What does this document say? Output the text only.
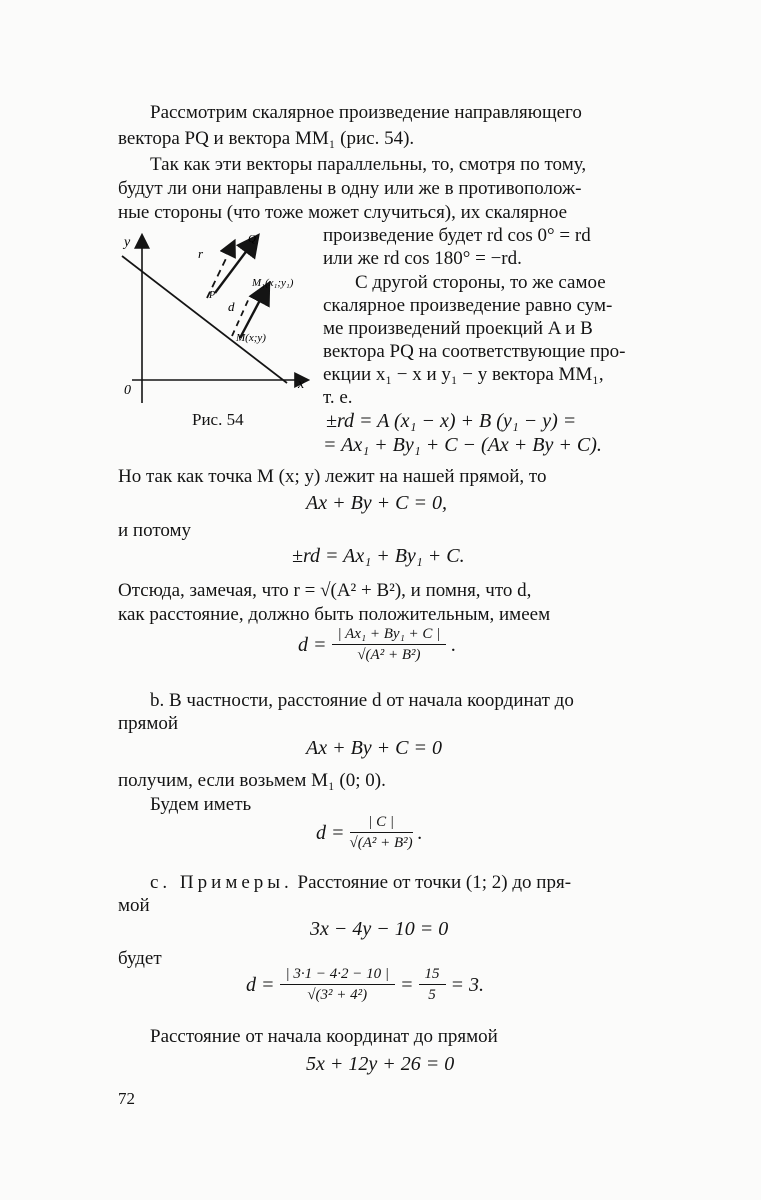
Рассмотрим скалярное произведение направляющего
вектора PQ и вектора MM₁ (рис. 54).
Так как эти векторы параллельны, то, смотря по тому,
будут ли они направлены в одну или же в противополож-
ные стороны (что тоже может случиться), их скалярное
произведение будет rd cos 0° = rd
или же rd cos 180° = −rd.
С другой стороны, то же самое
скалярное произведение равно сум-
ме произведений проекций A и B
вектора PQ на соответствующие про-
екции x₁ − x и y₁ − y вектора MM₁,
т. е.
±rd = A (x₁ − x) + B (y₁ − y) =
= Ax₁ + By₁ + C − (Ax + By + C).
Но так как точка M (x; y) лежит на нашей прямой, то
Ax + By + C = 0,
и потому
±rd = Ax₁ + By₁ + C.
Отсюда, замечая, что r = √(A² + B²), и помня, что d,
как расстояние, должно быть положительным, имеем
$d = \frac{\text{| Ax₁ + By₁ + C |}}{\text{√(A² + B²)}}$ .
b. В частности, расстояние d от начала координат до
прямой
Ax + By + C = 0
получим, если возьмем M₁ (0; 0).
Будем иметь
$d = \frac{| C |}{\text{√(A² + B²)}}$ .
c. Примеры. Расстояние от точки (1; 2) до пря-
мой
3x − 4y − 10 = 0
будет
$d = \frac{| 3\cdot 1 - 4\cdot 2 - 10 |}{\text{√(3² + 4²)}} = \frac{15}{5} = 3$.
Расстояние от начала координат до прямой
5x + 12y + 26 = 0
72
y
x
0
r
Q
P
M₁(x₁;y₁)
d
M(x;y)
Рис. 54
